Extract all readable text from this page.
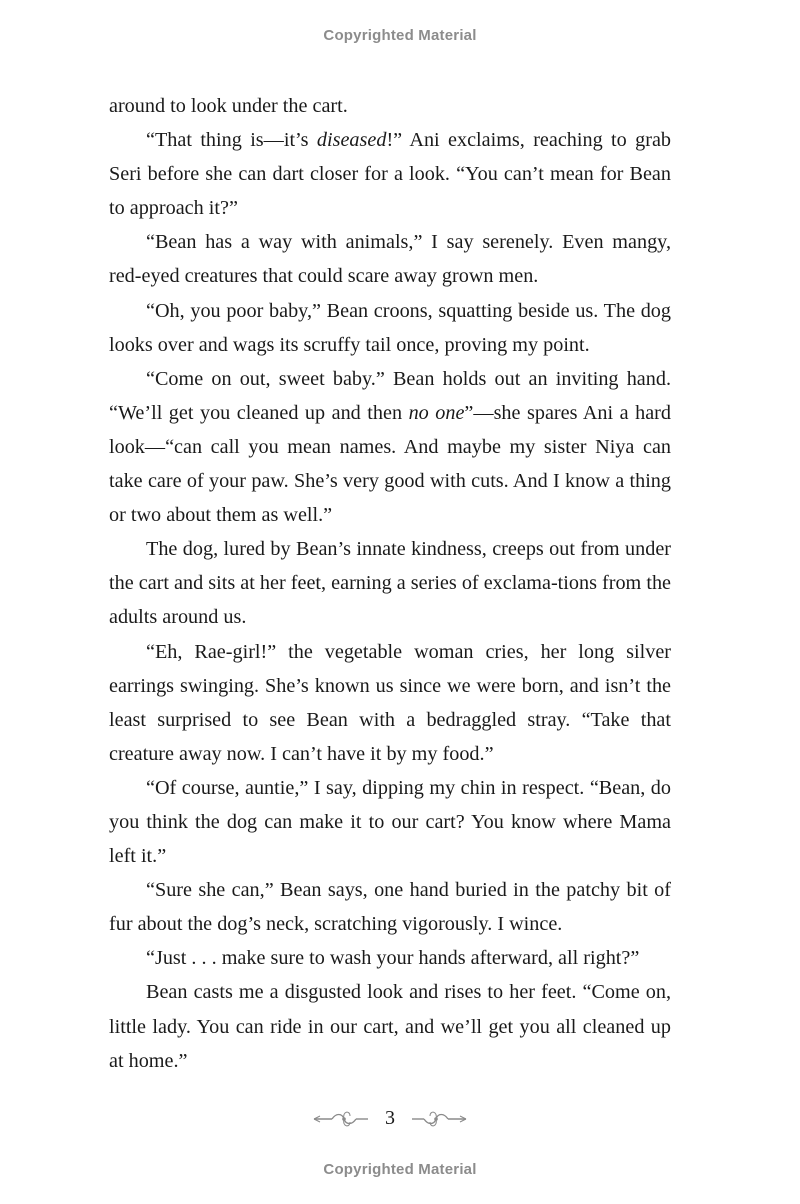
Copyrighted Material

around to look under the cart.

“That thing is—it’s diseased!” Ani exclaims, reaching to grab Seri before she can dart closer for a look. “You can’t mean for Bean to approach it?”

“Bean has a way with animals,” I say serenely. Even mangy, red-eyed creatures that could scare away grown men.

“Oh, you poor baby,” Bean croons, squatting beside us. The dog looks over and wags its scruffy tail once, proving my point.

“Come on out, sweet baby.” Bean holds out an inviting hand. “We’ll get you cleaned up and then no one”—she spares Ani a hard look—“can call you mean names. And maybe my sister Niya can take care of your paw. She’s very good with cuts. And I know a thing or two about them as well.”

The dog, lured by Bean’s innate kindness, creeps out from under the cart and sits at her feet, earning a series of exclama-tions from the adults around us.

“Eh, Rae-girl!” the vegetable woman cries, her long silver earrings swinging. She’s known us since we were born, and isn’t the least surprised to see Bean with a bedraggled stray. “Take that creature away now. I can’t have it by my food.”

“Of course, auntie,” I say, dipping my chin in respect. “Bean, do you think the dog can make it to our cart? You know where Mama left it.”

“Sure she can,” Bean says, one hand buried in the patchy bit of fur about the dog’s neck, scratching vigorously. I wince.

“Just . . . make sure to wash your hands afterward, all right?”

Bean casts me a disgusted look and rises to her feet. “Come on, little lady. You can ride in our cart, and we’ll get you all cleaned up at home.”

3
Copyrighted Material
